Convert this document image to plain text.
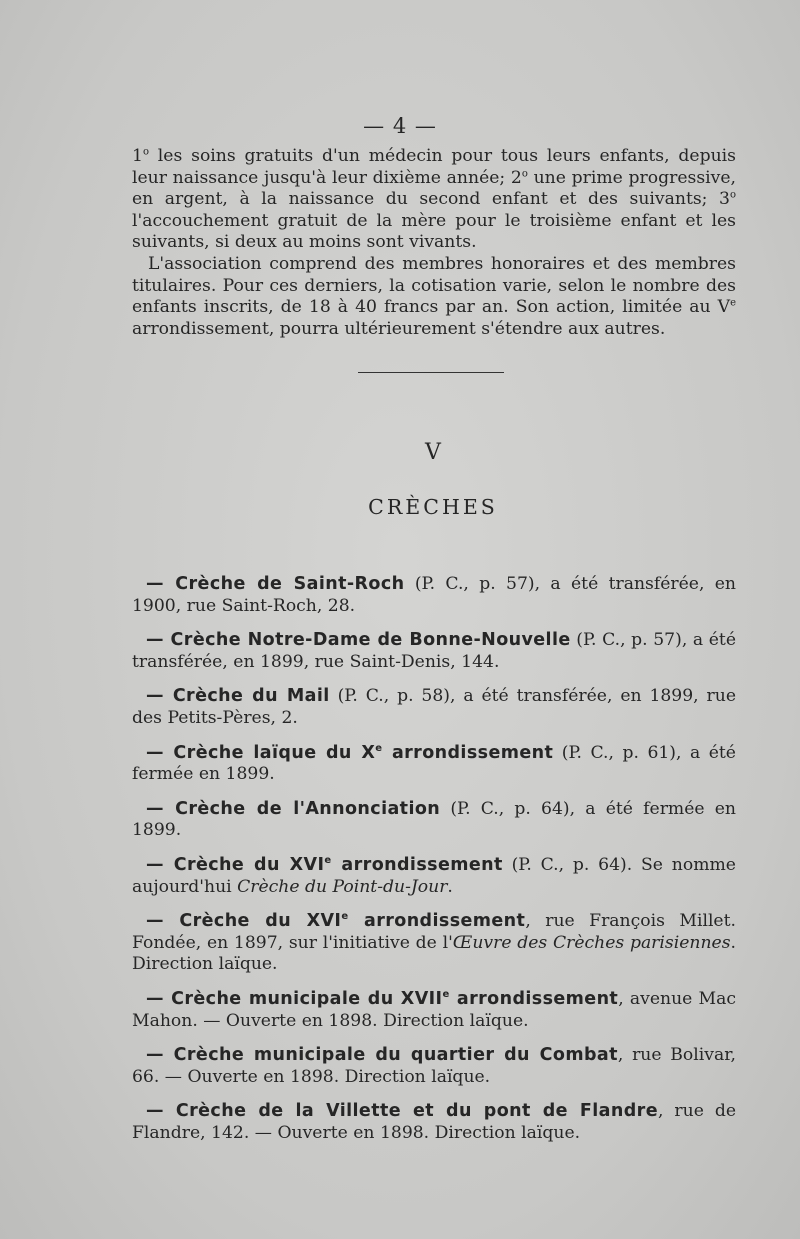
— 4 —

1$^o$ les soins gratuits d'un médecin pour tous leurs enfants, depuis leur naissance jusqu'à leur dixième année; 2$^o$ une prime progressive, en argent, à la naissance du second enfant et des suivants; 3$^o$ l'accouchement gratuit de la mère pour le troisième enfant et les suivants, si deux au moins sont vivants.

L'association comprend des membres honoraires et des membres titulaires. Pour ces derniers, la cotisation varie, selon le nombre des enfants inscrits, de 18 à 40 francs par an. Son action, limitée au Ve arrondissement, pourra ultérieurement s'étendre aux autres.

V
CRÈCHES

— Crèche de Saint-Roch (P. C., p. 57), a été transférée, en 1900, rue Saint-Roch, 28.

— Crèche Notre-Dame de Bonne-Nouvelle (P. C., p. 57), a été transférée, en 1899, rue Saint-Denis, 144.

— Crèche du Mail (P. C., p. 58), a été transférée, en 1899, rue des Petits-Pères, 2.

— Crèche laïque du Xe arrondissement (P. C., p. 61), a été fermée en 1899.

— Crèche de l'Annonciation (P. C., p. 64), a été fermée en 1899.

— Crèche du XVIe arrondissement (P. C., p. 64). Se nomme aujourd'hui Crèche du Point-du-Jour.

— Crèche du XVIe arrondissement, rue François Millet. Fondée, en 1897, sur l'initiative de l'Œuvre des Crèches parisiennes. Direction laïque.

— Crèche municipale du XVIIe arrondissement, avenue Mac Mahon. — Ouverte en 1898. Direction laïque.

— Crèche municipale du quartier du Combat, rue Bolivar, 66. — Ouverte en 1898. Direction laïque.

— Crèche de la Villette et du pont de Flandre, rue de Flandre, 142. — Ouverte en 1898. Direction laïque.
